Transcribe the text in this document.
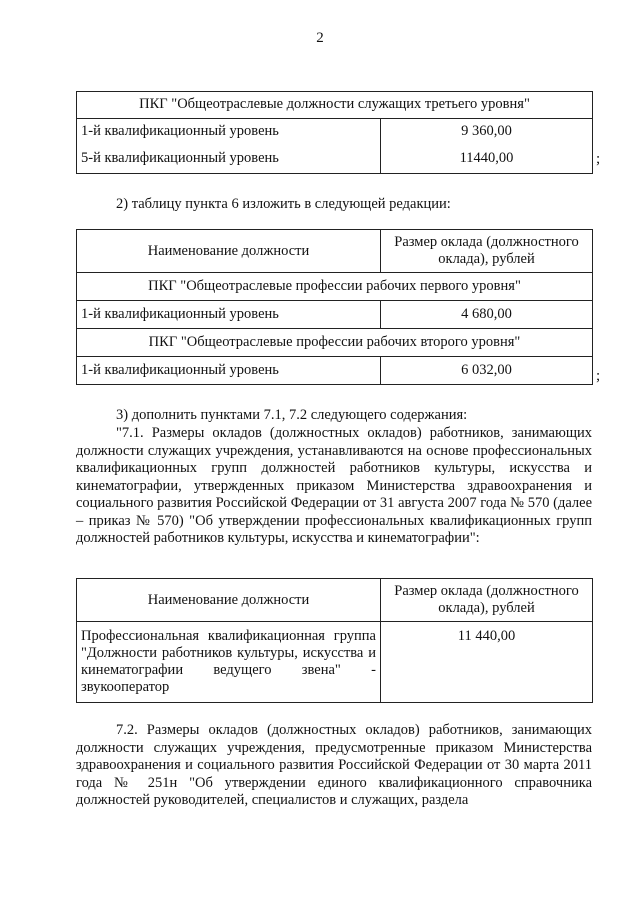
2
ПКГ "Общеотраслевые должности служащих третьего уровня"	
1-й квалификационный уровень	9 360,00
5-й квалификационный уровень	11440,00	;

2) таблицу пункта 6 изложить в следующей редакции:

Наименование должности	Размер оклада (должностного оклада), рублей
ПКГ "Общеотраслевые профессии рабочих первого уровня"	
1-й квалификационный уровень	4 680,00
ПКГ "Общеотраслевые профессии рабочих второго уровня"	
1-й квалификационный уровень	6 032,00	;

3) дополнить пунктами 7.1, 7.2 следующего содержания:

"7.1. Размеры окладов (должностных окладов) работников, занимающих должности служащих учреждения, устанавливаются на основе профессиональных квалификационных групп должностей работников культуры, искусства и кинематографии, утвержденных приказом Министерства здравоохранения и социального развития Российской Федерации от 31 августа 2007 года № 570 (далее – приказ № 570) "Об утверждении профессиональных квалификационных групп должностей работников культуры, искусства и кинематографии":

Наименование должности	Размер оклада (должностного оклада), рублей
Профессиональная квалификационная группа "Должности работников культуры, искусства и кинематографии ведущего звена" - звукооператор	11 440,00

7.2. Размеры окладов (должностных окладов) работников, занимающих должности служащих учреждения, предусмотренные приказом Министерства здравоохранения и социального развития Российской Федерации от 30 марта 2011 года № 251н "Об утверждении единого квалификационного справочника должностей руководителей, специалистов и служащих, раздела
